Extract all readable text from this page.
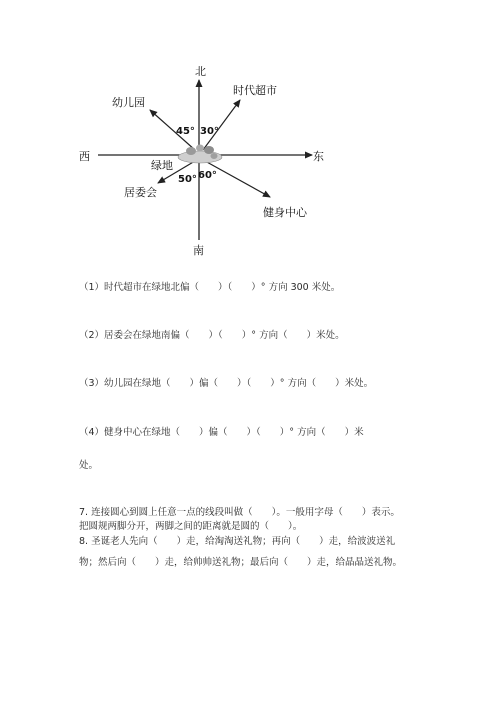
北
南
东
西
绿地
时代超市
幼儿园
居委会
健身中心
45° 30°
50° 60°
（1）时代超市在绿地北偏（　　）（　　）° 方向 300 米处。
（2）居委会在绿地南偏（　　）（　　）° 方向（　　）米处。
（3）幼儿园在绿地（　　）偏（　　）（　　）° 方向（　　）米处。
（4）健身中心在绿地（　　）偏（　　）（　　）° 方向（　　）米
处。
7. 连接圆心到圆上任意一点的线段叫做（　　）。一般用字母（　　）表示。
把圆规两脚分开，两脚之间的距离就是圆的（　　）。
8. 圣诞老人先向（　　）走，给淘淘送礼物；再向（　　）走，给波波送礼
物；然后向（　　）走，给帅帅送礼物；最后向（　　）走，给晶晶送礼物。
